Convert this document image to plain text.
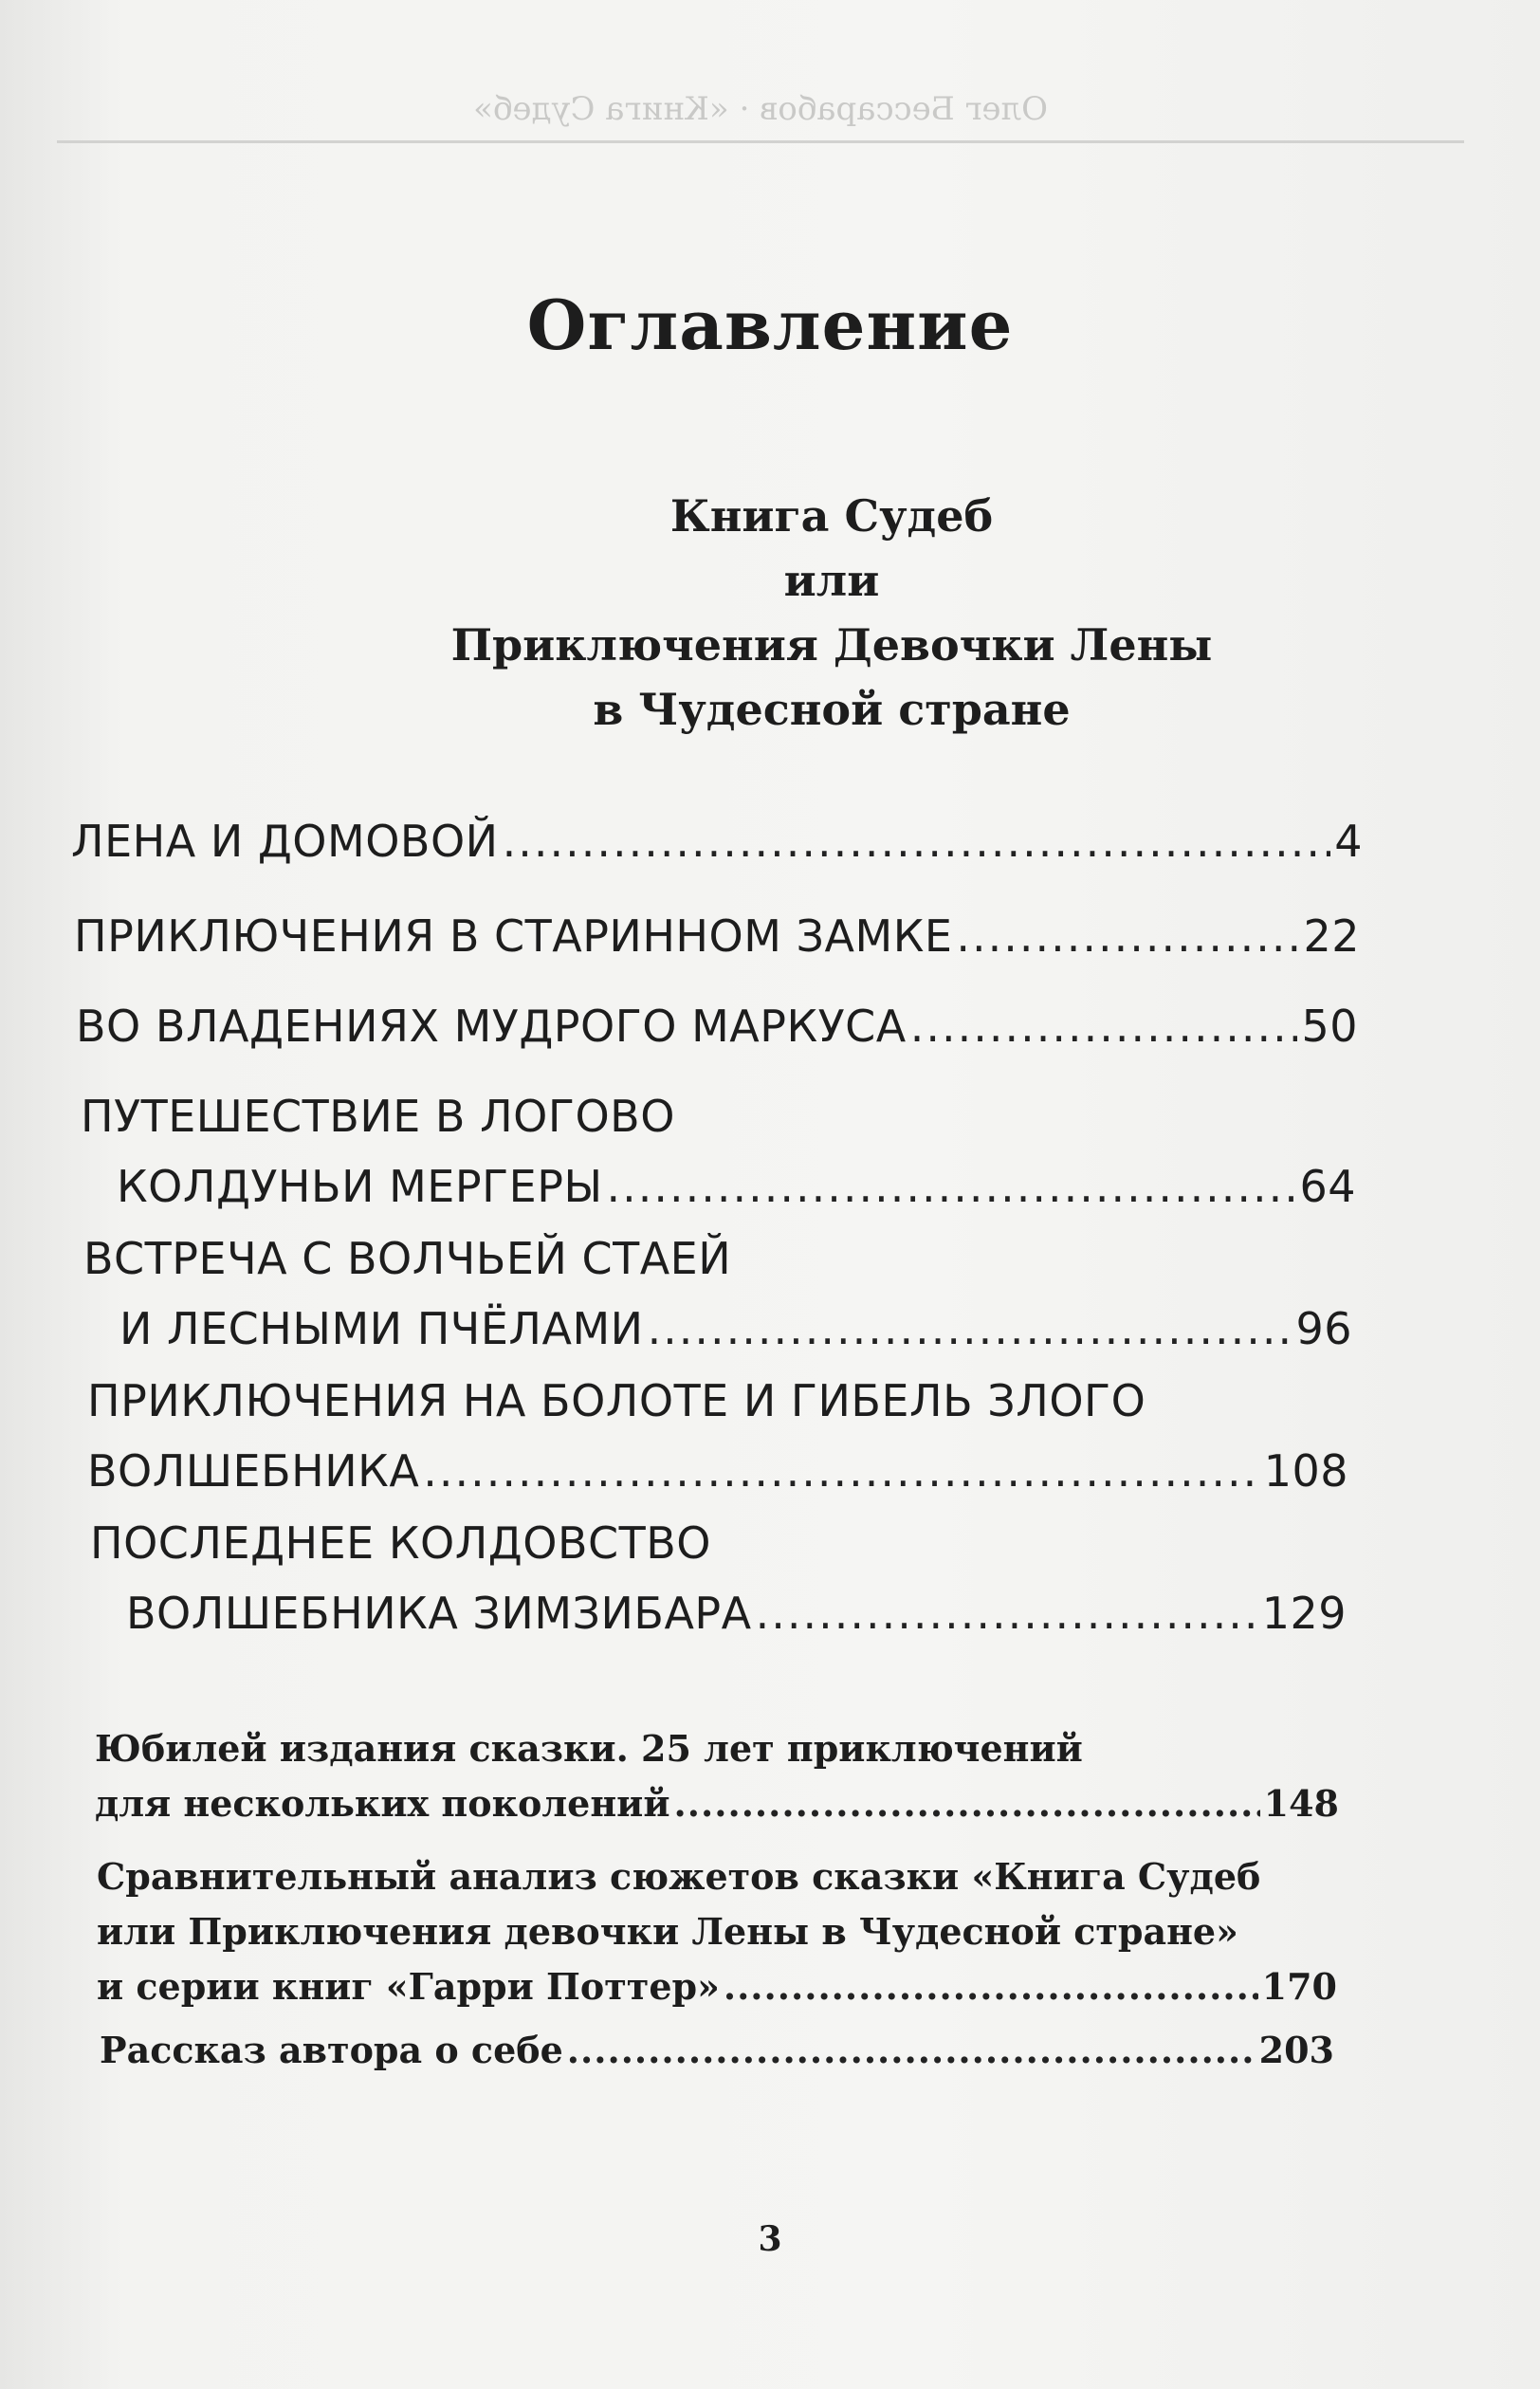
Олег Бессарабов · «Книга Судеб»
Оглавление
Книга Судеб
или
Приключения Девочки Лены
в Чудесной стране
ЛЕНА И ДОМОВОЙ .....	4
ПРИКЛЮЧЕНИЯ В СТАРИННОМ ЗАМКЕ .....	22
ВО ВЛАДЕНИЯХ МУДРОГО МАРКУСА .....	50
ПУТЕШЕСТВИЕ В ЛОГОВО
КОЛДУНЬИ МЕРГЕРЫ .....	64
ВСТРЕЧА С ВОЛЧЬЕЙ СТАЕЙ
И ЛЕСНЫМИ ПЧЁЛАМИ .....	96
ПРИКЛЮЧЕНИЯ НА БОЛОТЕ И ГИБЕЛЬ ЗЛОГО
ВОЛШЕБНИКА .....	108
ПОСЛЕДНЕЕ КОЛДОВСТВО
ВОЛШЕБНИКА ЗИМЗИБАРА .....	129
Юбилей издания сказки. 25 лет приключений
для нескольких поколений .....	148
Сравнительный анализ сюжетов сказки «Книга Судеб
или Приключения девочки Лены в Чудесной стране»
и серии книг «Гарри Поттер» .....	170
Рассказ автора о себе .....	203
3
